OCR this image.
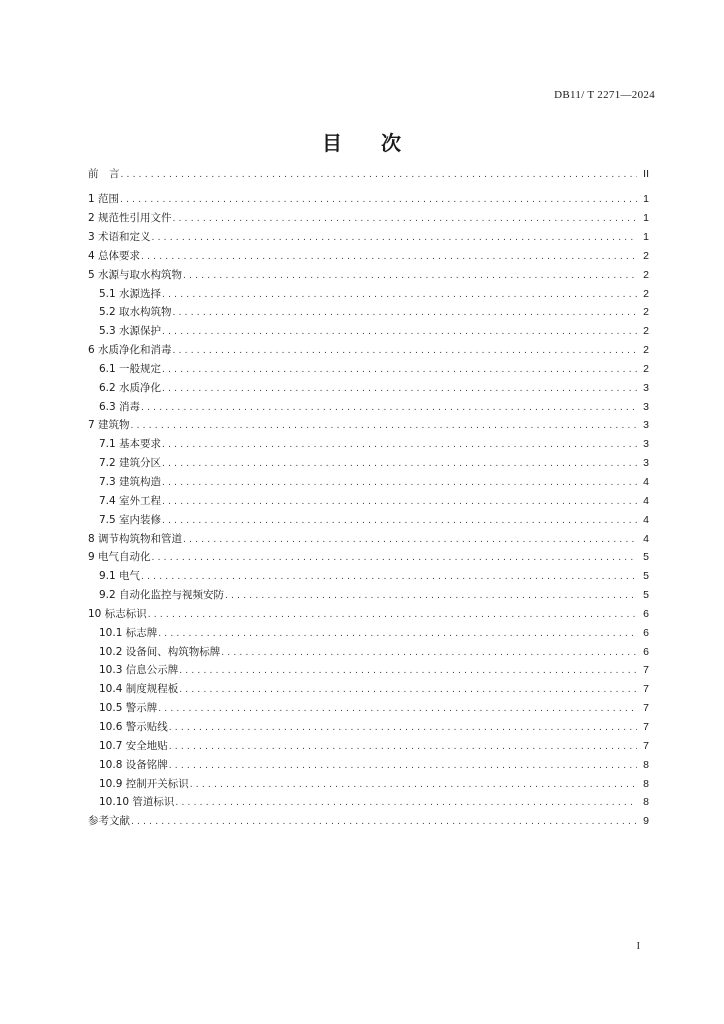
DB11/ T 2271—2024
目 次
前　言 .....	II
1 范围 .....	1
2 规范性引用文件 .....	1
3 术语和定义 .....	1
4 总体要求 .....	2
5 水源与取水构筑物 .....	2
5.1 水源选择 .....	2
5.2 取水构筑物 .....	2
5.3 水源保护 .....	2
6 水质净化和消毒 .....	2
6.1 一般规定 .....	2
6.2 水质净化 .....	3
6.3 消毒 .....	3
7 建筑物 .....	3
7.1 基本要求 .....	3
7.2 建筑分区 .....	3
7.3 建筑构造 .....	4
7.4 室外工程 .....	4
7.5 室内装修 .....	4
8 调节构筑物和管道 .....	4
9 电气自动化 .....	5
9.1 电气 .....	5
9.2 自动化监控与视频安防 .....	5
10 标志标识 .....	6
10.1 标志牌 .....	6
10.2 设备间、构筑物标牌 .....	6
10.3 信息公示牌 .....	7
10.4 制度规程板 .....	7
10.5 警示牌 .....	7
10.6 警示贴线 .....	7
10.7 安全地贴 .....	7
10.8 设备铭牌 .....	8
10.9 控制开关标识 .....	8
10.10 管道标识 .....	8
参考文献 .....	9
I
